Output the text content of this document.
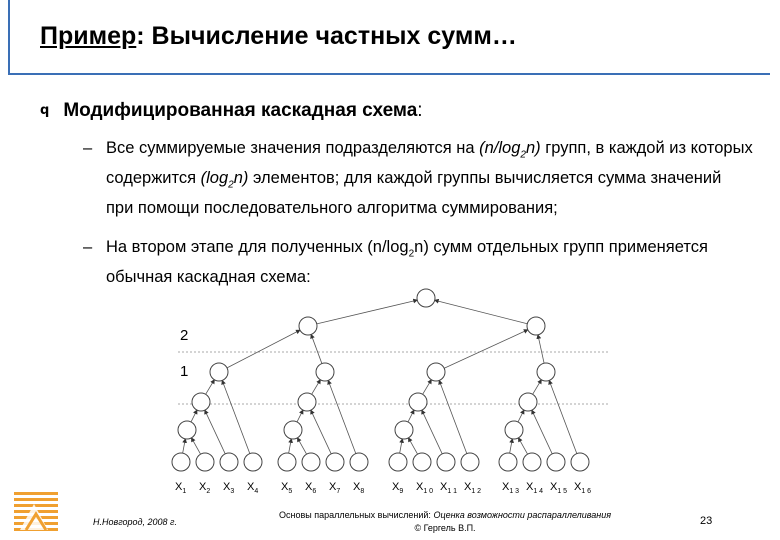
Пример: Вычисление частных сумм…
q Модифицированная каскадная схема:
– Все суммируемые значения подразделяются на $(n/\log_2n)$ групп, в каждой из которых содержится $(\log_2n)$ элементов; для каждой группы вычисляется сумма значений при помощи последовательного алгоритма суммирования;
– На втором этапе для полученных $(n/\log_2n)$ сумм отдельных групп применяется обычная каскадная схема:
2
1
$X_1$ $X_2$ $X_3$ $X_4$ $X_5$ $X_6$ $X_7$ $X_8$	$X_9$ $X_{1 0}$ $X_{1 1}$ $X_{1 2}$ $X_{1 3}$ $X_{1 4}$ $X_{1 5}$ $X_{1 6}$
Н.Новгород, 2008 г.
Основы параллельных вычислений: Оценка возможности распараллеливания
© Гергель В.П.
23
